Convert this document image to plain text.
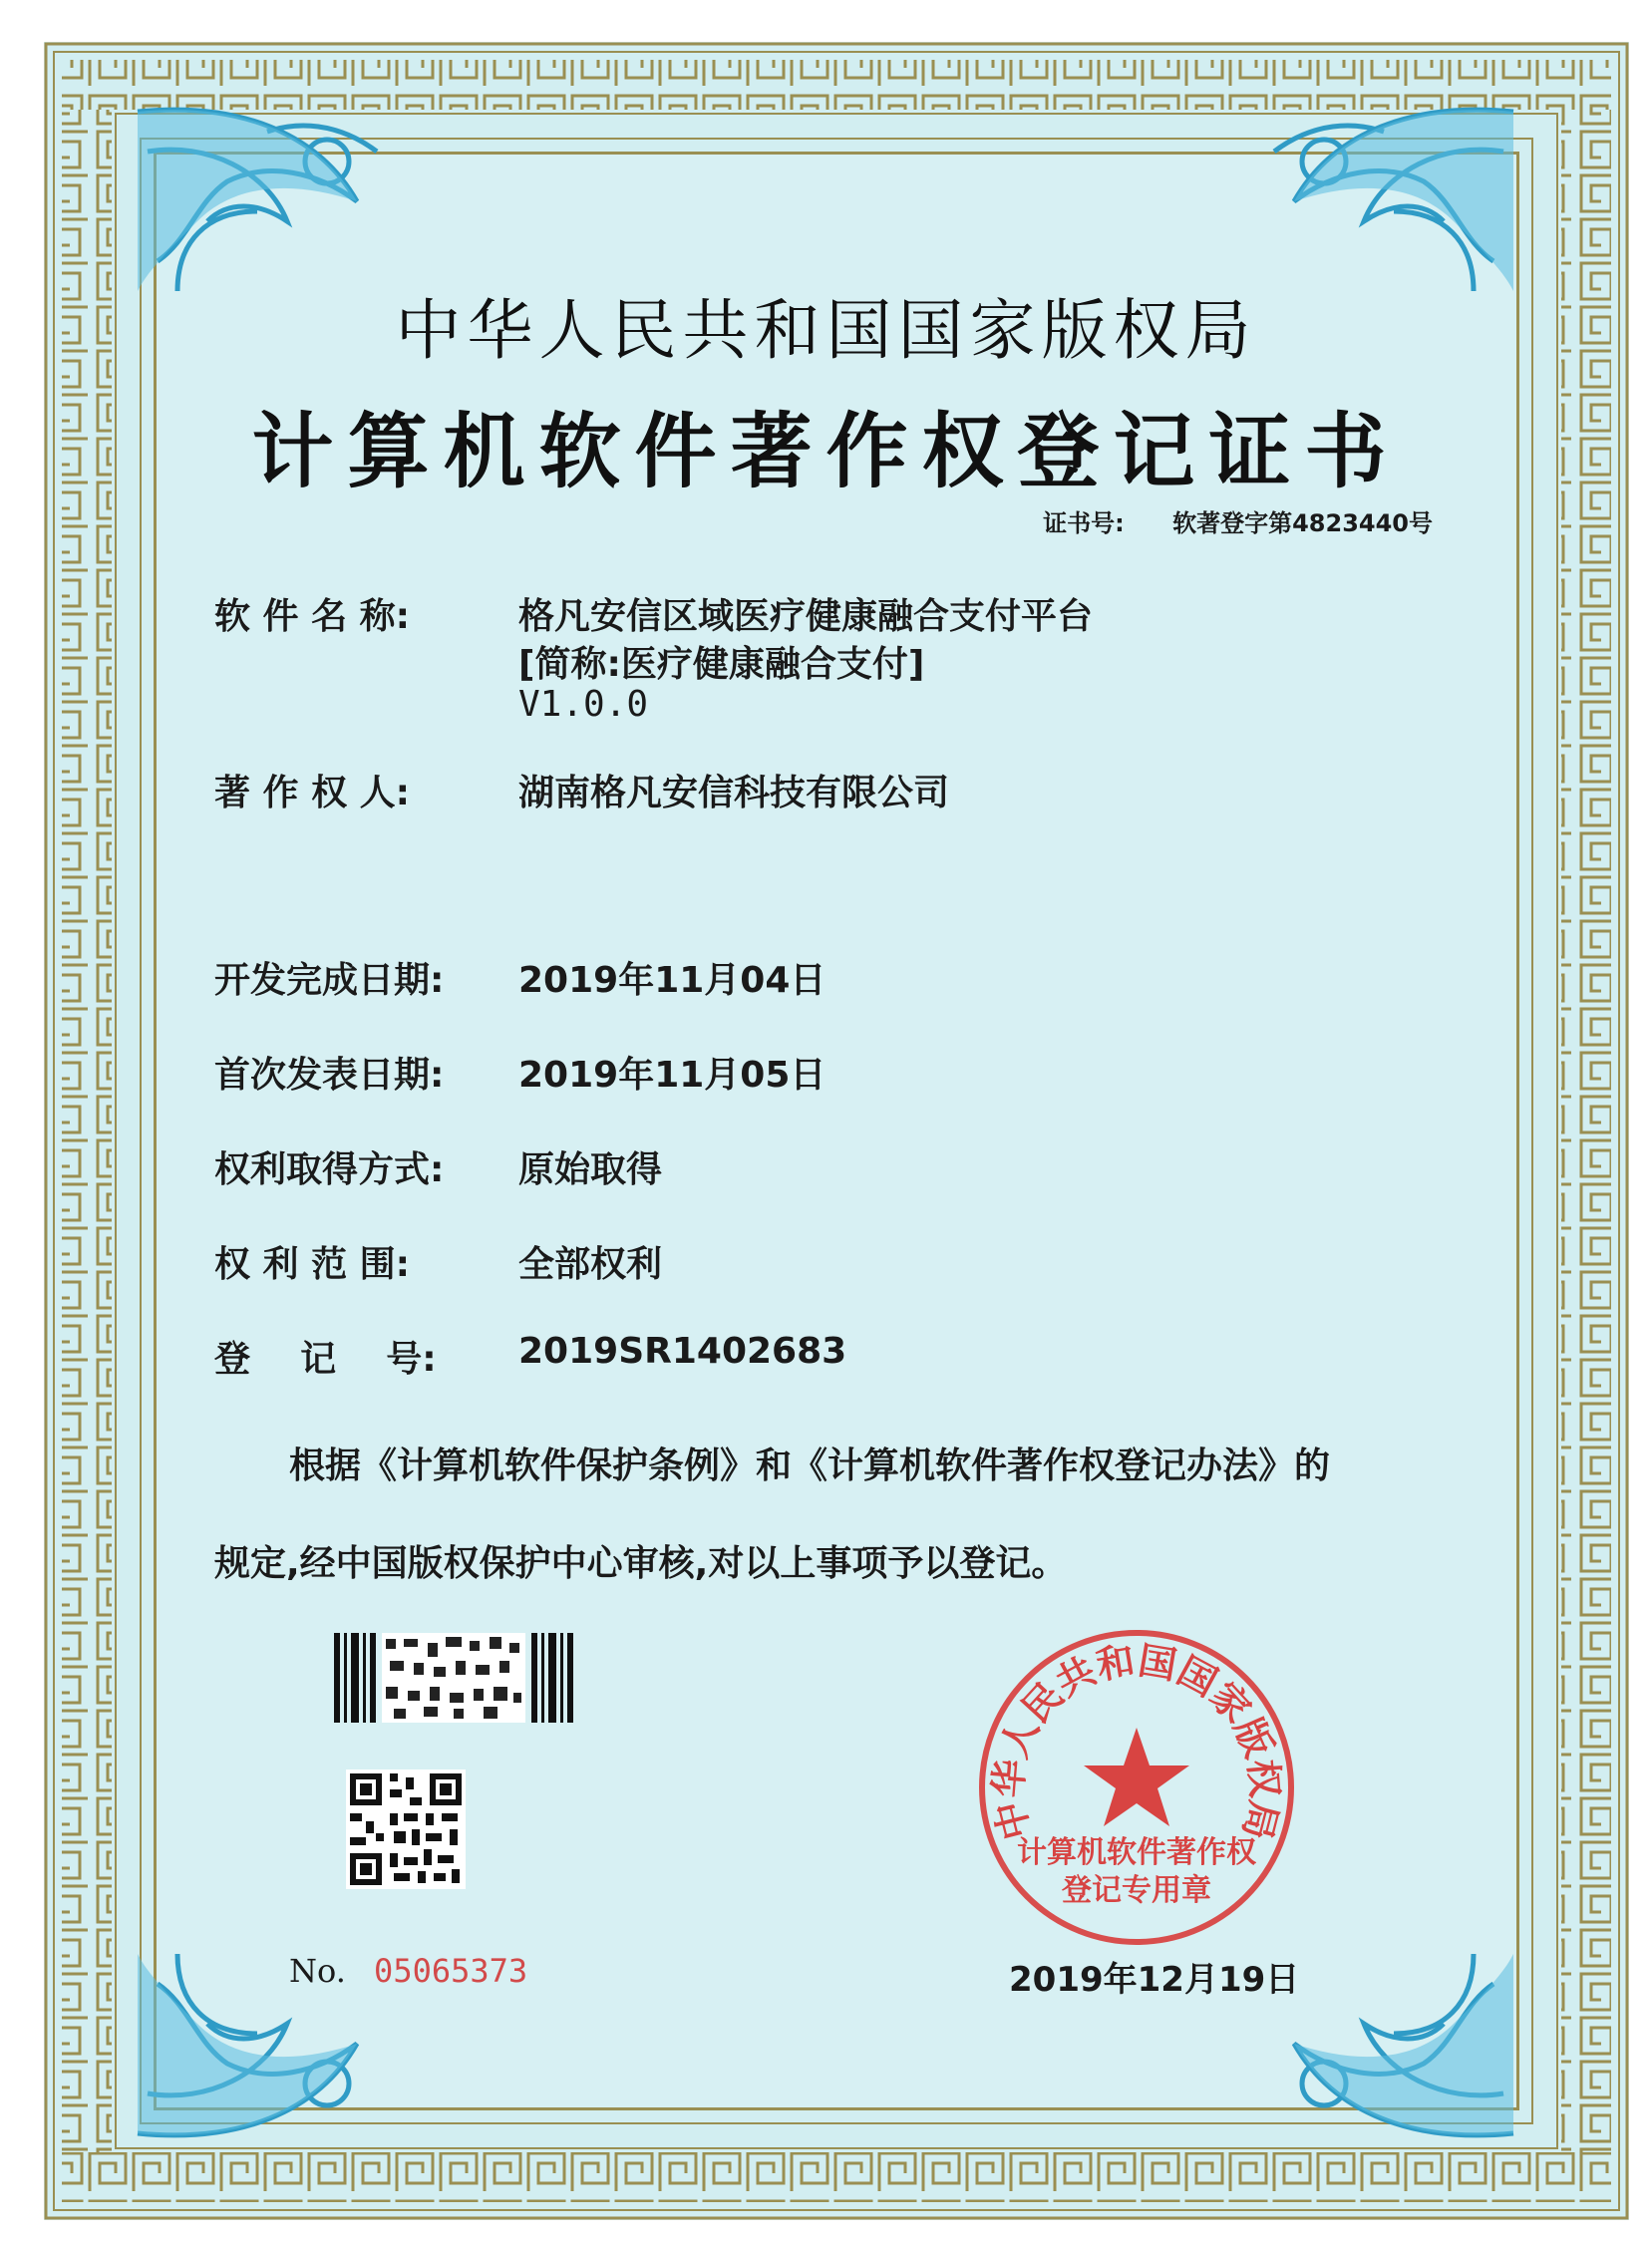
中华人民共和国国家版权局
计算机软件著作权登记证书
证书号: 软著登字第4823440号
软 件 名 称:	格凡安信区域医疗健康融合支付平台
[简称:医疗健康融合支付]
V1.0.0
著 作 权 人:	湖南格凡安信科技有限公司
开发完成日期: 2019年11月04日
首次发表日期: 2019年11月05日
权利取得方式: 原始取得
权 利 范 围:	全部权利
登    记    号: 2019SR1402683
根据《计算机软件保护条例》和《计算机软件著作权登记办法》的
规定,经中国版权保护中心审核,对以上事项予以登记。
中华人民共和国国家版权局
计算机软件著作权
登记专用章
No. 05065373	2019年12月19日
